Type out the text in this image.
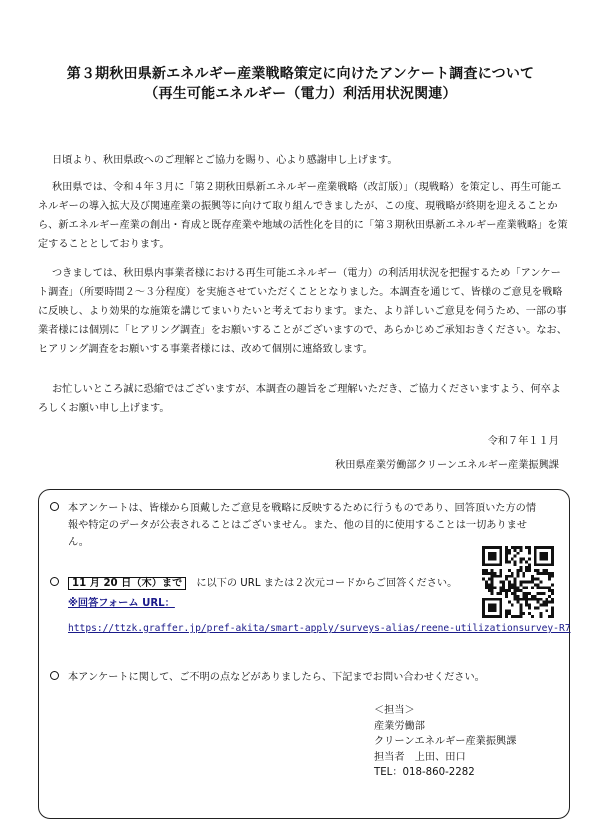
第３期秋田県新エネルギー産業戦略策定に向けたアンケート調査について
（再生可能エネルギー（電力）利活用状況関連）
日頃より、秋田県政へのご理解とご協力を賜り、心より感謝申し上げます。
秋田県では、令和４年３月に「第２期秋田県新エネルギー産業戦略（改訂版）」（現戦略）を策定し、再生可能エネルギーの導入拡大及び関連産業の振興等に向けて取り組んできましたが、この度、現戦略が終期を迎えることから、新エネルギー産業の創出・育成と既存産業や地域の活性化を目的に「第３期秋田県新エネルギー産業戦略」を策定することとしております。
つきましては、秋田県内事業者様における再生可能エネルギー（電力）の利活用状況を把握するため「アンケート調査」（所要時間２〜３分程度）を実施させていただくこととなりました。本調査を通じて、皆様のご意見を戦略に反映し、より効果的な施策を講じてまいりたいと考えております。また、より詳しいご意見を伺うため、一部の事業者様には個別に「ヒアリング調査」をお願いすることがございますので、あらかじめご承知おきください。なお、ヒアリング調査をお願いする事業者様には、改めて個別に連絡致します。
お忙しいところ誠に恐縮ではございますが、本調査の趣旨をご理解いただき、ご協力くださいますよう、何卒よろしくお願い申し上げます。
令和７年１１月
秋田県産業労働部クリーンエネルギー産業振興課
本アンケートは、皆様から頂戴したご意見を戦略に反映するために行うものであり、回答頂いた方の情報や特定のデータが公表されることはございません。また、他の目的に使用することは一切ありません。
11 月 20 日（木）まで に以下の URL または２次元コードからご回答ください。
※回答フォーム URL：
https://ttzk.graffer.jp/pref-akita/smart-apply/surveys-alias/reene-utilizationsurvey-R7
本アンケートに関して、ご不明の点などがありましたら、下記までお問い合わせください。
＜担当＞
産業労働部
クリーンエネルギー産業振興課
担当者　上田、田口
TEL：018-860-2282
